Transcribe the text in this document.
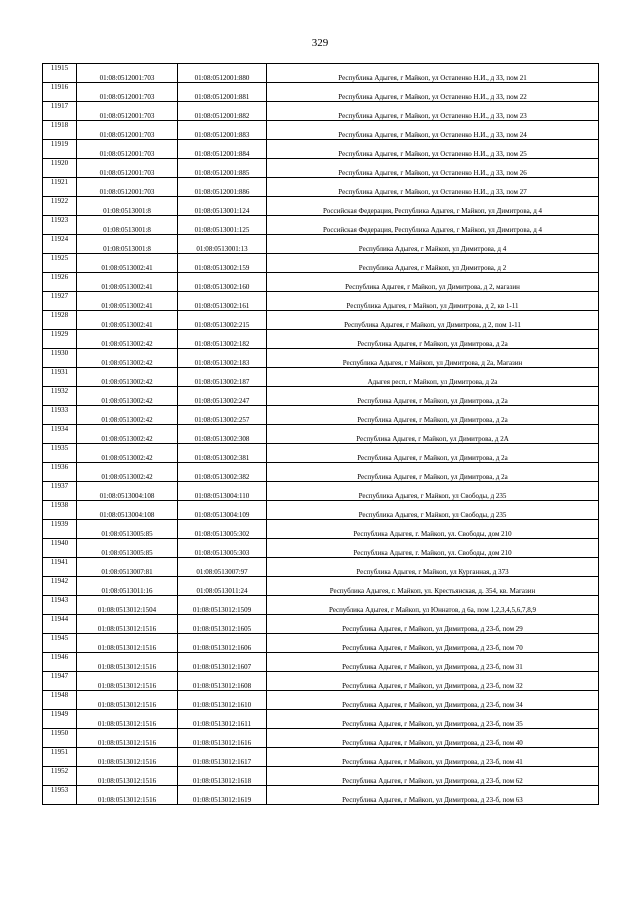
329
11915	01:08:0512001:703	01:08:0512001:880	Республика Адыгея, г Майкоп, ул Остапенко Н.И., д 33, пом 21
11916	01:08:0512001:703	01:08:0512001:881	Республика Адыгея, г Майкоп, ул Остапенко Н.И., д 33, пом 22
11917	01:08:0512001:703	01:08:0512001:882	Республика Адыгея, г Майкоп, ул Остапенко Н.И., д 33, пом 23
11918	01:08:0512001:703	01:08:0512001:883	Республика Адыгея, г Майкоп, ул Остапенко Н.И., д 33, пом 24
11919	01:08:0512001:703	01:08:0512001:884	Республика Адыгея, г Майкоп, ул Остапенко Н.И., д 33, пом 25
11920	01:08:0512001:703	01:08:0512001:885	Республика Адыгея, г Майкоп, ул Остапенко Н.И., д 33, пом 26
11921	01:08:0512001:703	01:08:0512001:886	Республика Адыгея, г Майкоп, ул Остапенко Н.И., д 33, пом 27
11922	01:08:0513001:8	01:08:0513001:124	Российская Федерация, Республика Адыгея, г Майкоп, ул Димитрова, д 4
11923	01:08:0513001:8	01:08:0513001:125	Российская Федерация, Республика Адыгея, г Майкоп, ул Димитрова, д 4
11924	01:08:0513001:8	01:08:0513001:13	Республика Адыгея, г Майкоп, ул Димитрова, д 4
11925	01:08:0513002:41	01:08:0513002:159	Республика Адыгея, г Майкоп, ул Димитрова, д 2
11926	01:08:0513002:41	01:08:0513002:160	Республика Адыгея, г Майкоп, ул Димитрова, д 2, магазин
11927	01:08:0513002:41	01:08:0513002:161	Республика Адыгея, г Майкоп, ул Димитрова, д 2, кв 1-11
11928	01:08:0513002:41	01:08:0513002:215	Республика Адыгея, г Майкоп, ул Димитрова, д 2, пом 1-11
11929	01:08:0513002:42	01:08:0513002:182	Республика Адыгея, г Майкоп, ул Димитрова, д 2а
11930	01:08:0513002:42	01:08:0513002:183	Республика Адыгея, г Майкоп, ул Димитрова, д 2а, Магазин
11931	01:08:0513002:42	01:08:0513002:187	Адыгея респ, г Майкоп, ул Димитрова, д 2а
11932	01:08:0513002:42	01:08:0513002:247	Республика Адыгея, г Майкоп, ул Димитрова, д 2а
11933	01:08:0513002:42	01:08:0513002:257	Республика Адыгея, г Майкоп, ул Димитрова, д 2а
11934	01:08:0513002:42	01:08:0513002:308	Республика Адыгея, г Майкоп, ул Димитрова, д 2А
11935	01:08:0513002:42	01:08:0513002:381	Республика Адыгея, г Майкоп, ул Димитрова, д 2а
11936	01:08:0513002:42	01:08:0513002:382	Республика Адыгея, г Майкоп, ул Димитрова, д 2а
11937	01:08:0513004:108	01:08:0513004:110	Республика Адыгея, г Майкоп, ул Свободы, д 235
11938	01:08:0513004:108	01:08:0513004:109	Республика Адыгея, г Майкоп, ул Свободы, д 235
11939	01:08:0513005:85	01:08:0513005:302	Республика Адыгея, г. Майкоп, ул. Свободы, дом 210
11940	01:08:0513005:85	01:08:0513005:303	Республика Адыгея, г. Майкоп, ул. Свободы, дом 210
11941	01:08:0513007:81	01:08:0513007:97	Республика Адыгея, г Майкоп, ул Курганная, д 373
11942	01:08:0513011:16	01:08:0513011:24	Республика Адыгея, г. Майкоп, ул. Крестьянская, д. 354, кв. Магазин
11943	01:08:0513012:1504	01:08:0513012:1509	Республика Адыгея, г Майкоп, ул Юннатов, д 6а, пом 1,2,3,4,5,6,7,8,9
11944	01:08:0513012:1516	01:08:0513012:1605	Республика Адыгея, г Майкоп, ул Димитрова, д 23-б, пом 29
11945	01:08:0513012:1516	01:08:0513012:1606	Республика Адыгея, г Майкоп, ул Димитрова, д 23-б, пом 70
11946	01:08:0513012:1516	01:08:0513012:1607	Республика Адыгея, г Майкоп, ул Димитрова, д 23-б, пом 31
11947	01:08:0513012:1516	01:08:0513012:1608	Республика Адыгея, г Майкоп, ул Димитрова, д 23-б, пом 32
11948	01:08:0513012:1516	01:08:0513012:1610	Республика Адыгея, г Майкоп, ул Димитрова, д 23-б, пом 34
11949	01:08:0513012:1516	01:08:0513012:1611	Республика Адыгея, г Майкоп, ул Димитрова, д 23-б, пом 35
11950	01:08:0513012:1516	01:08:0513012:1616	Республика Адыгея, г Майкоп, ул Димитрова, д 23-б, пом 40
11951	01:08:0513012:1516	01:08:0513012:1617	Республика Адыгея, г Майкоп, ул Димитрова, д 23-б, пом 41
11952	01:08:0513012:1516	01:08:0513012:1618	Республика Адыгея, г Майкоп, ул Димитрова, д 23-б, пом 62
11953	01:08:0513012:1516	01:08:0513012:1619	Республика Адыгея, г Майкоп, ул Димитрова, д 23-б, пом 63
